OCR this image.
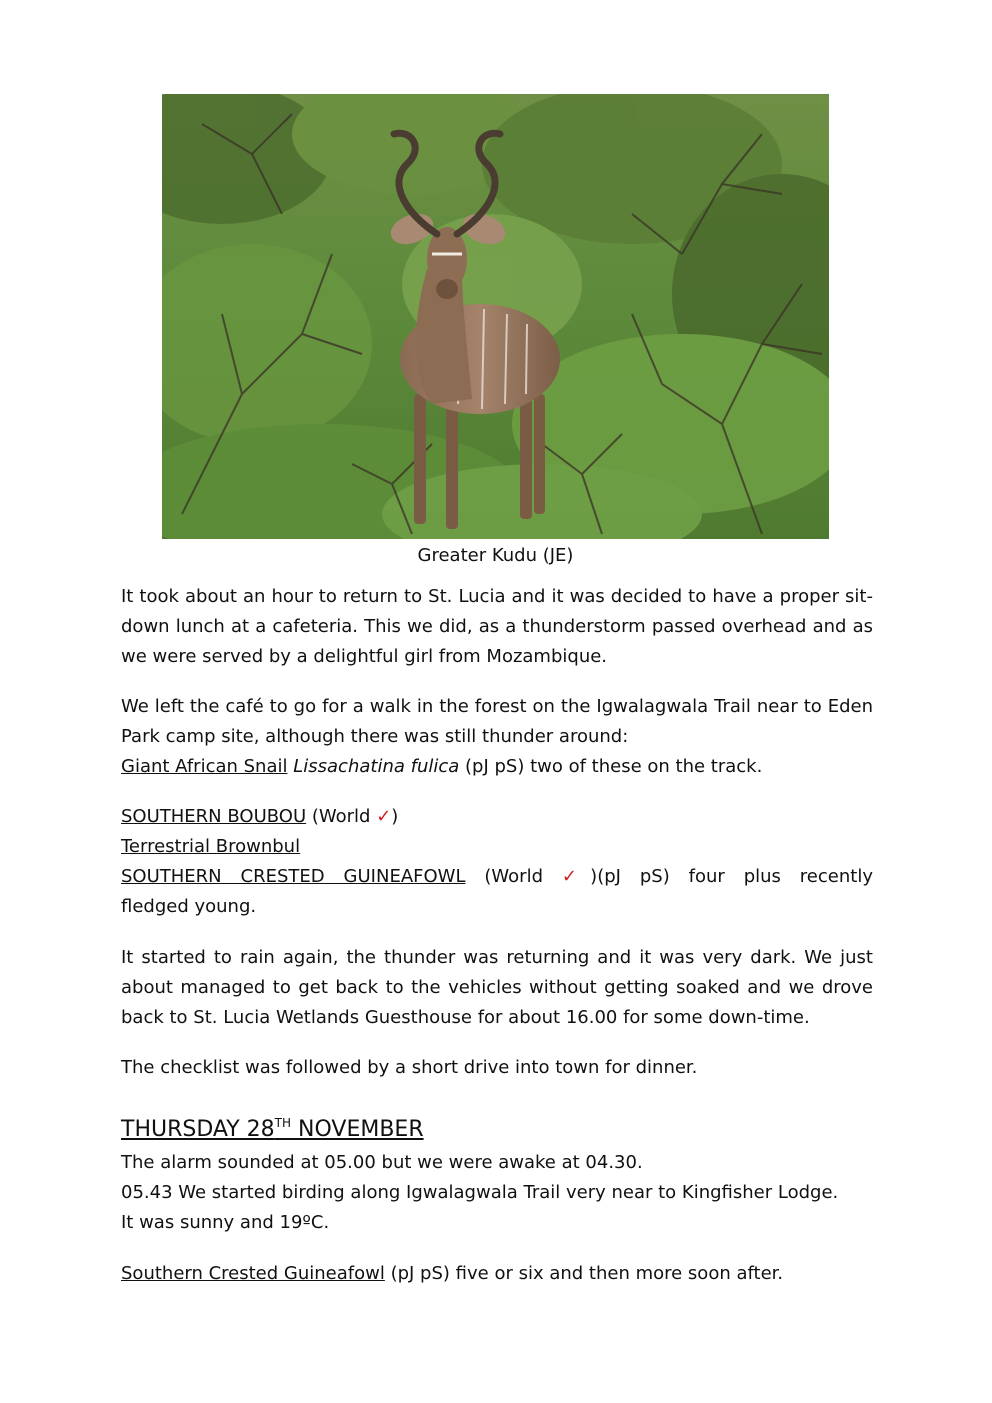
Greater Kudu (JE)
It took about an hour to return to St. Lucia and it was decided to have a proper sit-down lunch at a cafeteria. This we did, as a thunderstorm passed overhead and as we were served by a delightful girl from Mozambique.
We left the café to go for a walk in the forest on the Igwalagwala Trail near to Eden Park camp site, although there was still thunder around:
Giant African Snail Lissachatina fulica (pJ pS) two of these on the track.
SOUTHERN BOUBOU (World ✓)
Terrestrial Brownbul
SOUTHERN CRESTED GUINEAFOWL (World ✓)(pJ pS) four plus recently
fledged young.
It started to rain again, the thunder was returning and it was very dark. We just about managed to get back to the vehicles without getting soaked and we drove back to St. Lucia Wetlands Guesthouse for about 16.00 for some down-time.
The checklist was followed by a short drive into town for dinner.
THURSDAY 28TH NOVEMBER
The alarm sounded at 05.00 but we were awake at 04.30.
05.43 We started birding along Igwalagwala Trail very near to Kingfisher Lodge.
It was sunny and 19ºC.
Southern Crested Guineafowl (pJ pS) five or six and then more soon after.
